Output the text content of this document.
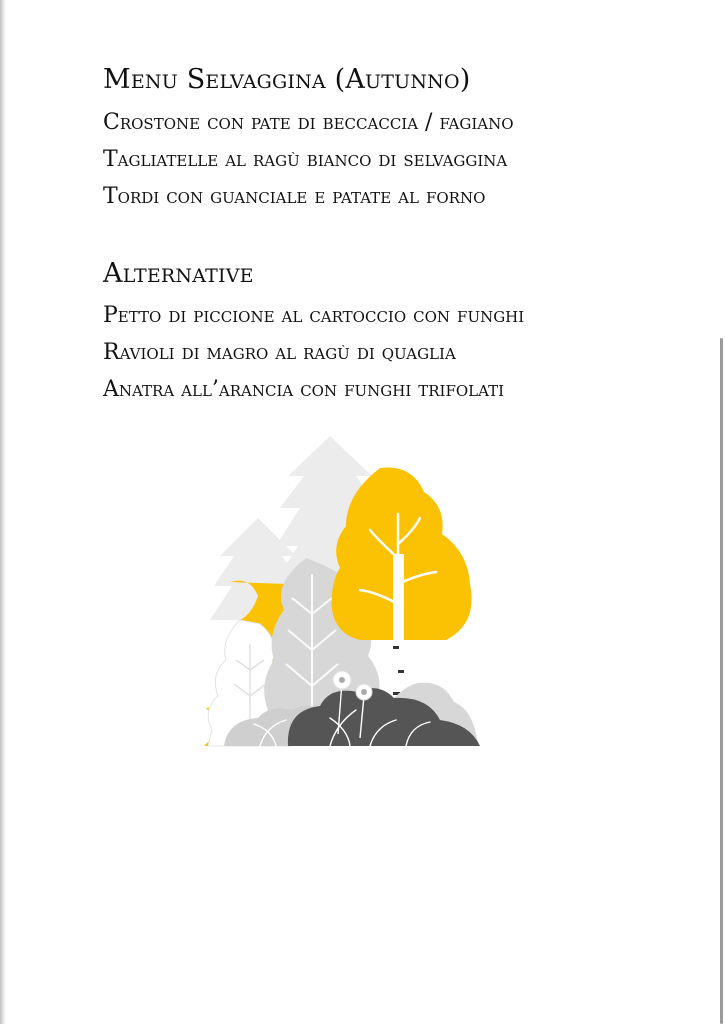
Menu Selvaggina (Autunno)

Crostone con pate di beccaccia / fagiano

Tagliatelle al ragù bianco di selvaggina

Tordi con guanciale e patate al forno

Alternative

Petto di piccione al cartoccio con funghi

Ravioli di magro al ragù di quaglia

Anatra all’arancia con funghi trifolati
